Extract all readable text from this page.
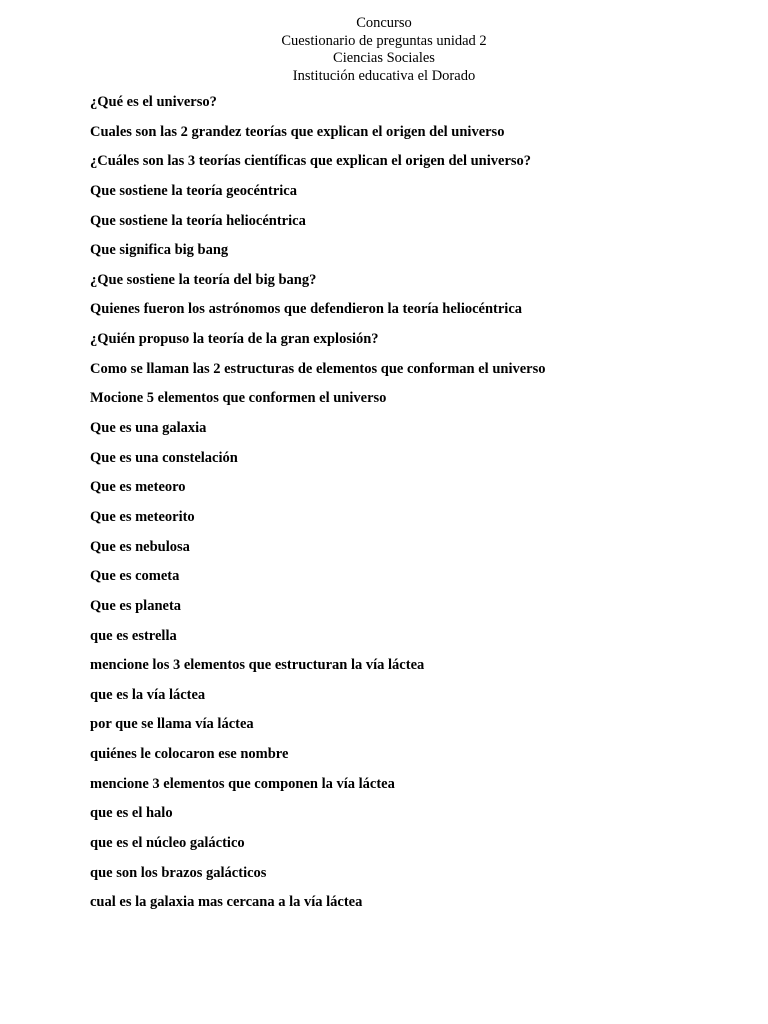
Concurso
Cuestionario de preguntas unidad 2
Ciencias Sociales
Institución educativa el Dorado
¿Qué es el universo?
Cuales son las 2 grandez teorías que explican el origen del universo
¿Cuáles son las 3 teorías científicas que explican el origen del universo?
Que sostiene la teoría geocéntrica
Que sostiene la teoría heliocéntrica
Que significa big bang
¿Que sostiene la teoría del big bang?
Quienes fueron los astrónomos que defendieron la teoría heliocéntrica
¿Quién propuso la teoría de la gran explosión?
Como se llaman las 2 estructuras de elementos que conforman el universo
Mocione 5 elementos que conformen el universo
Que es una galaxia
Que es una constelación
Que es meteoro
Que es meteorito
Que es nebulosa
Que es cometa
Que es planeta
que es estrella
mencione los 3 elementos que estructuran la vía láctea
que es la vía láctea
por que se llama vía láctea
quiénes le colocaron ese nombre
mencione 3 elementos que componen la vía láctea
que es el halo
que es el núcleo galáctico
que son los brazos galácticos
cual es la galaxia mas cercana a la vía láctea
